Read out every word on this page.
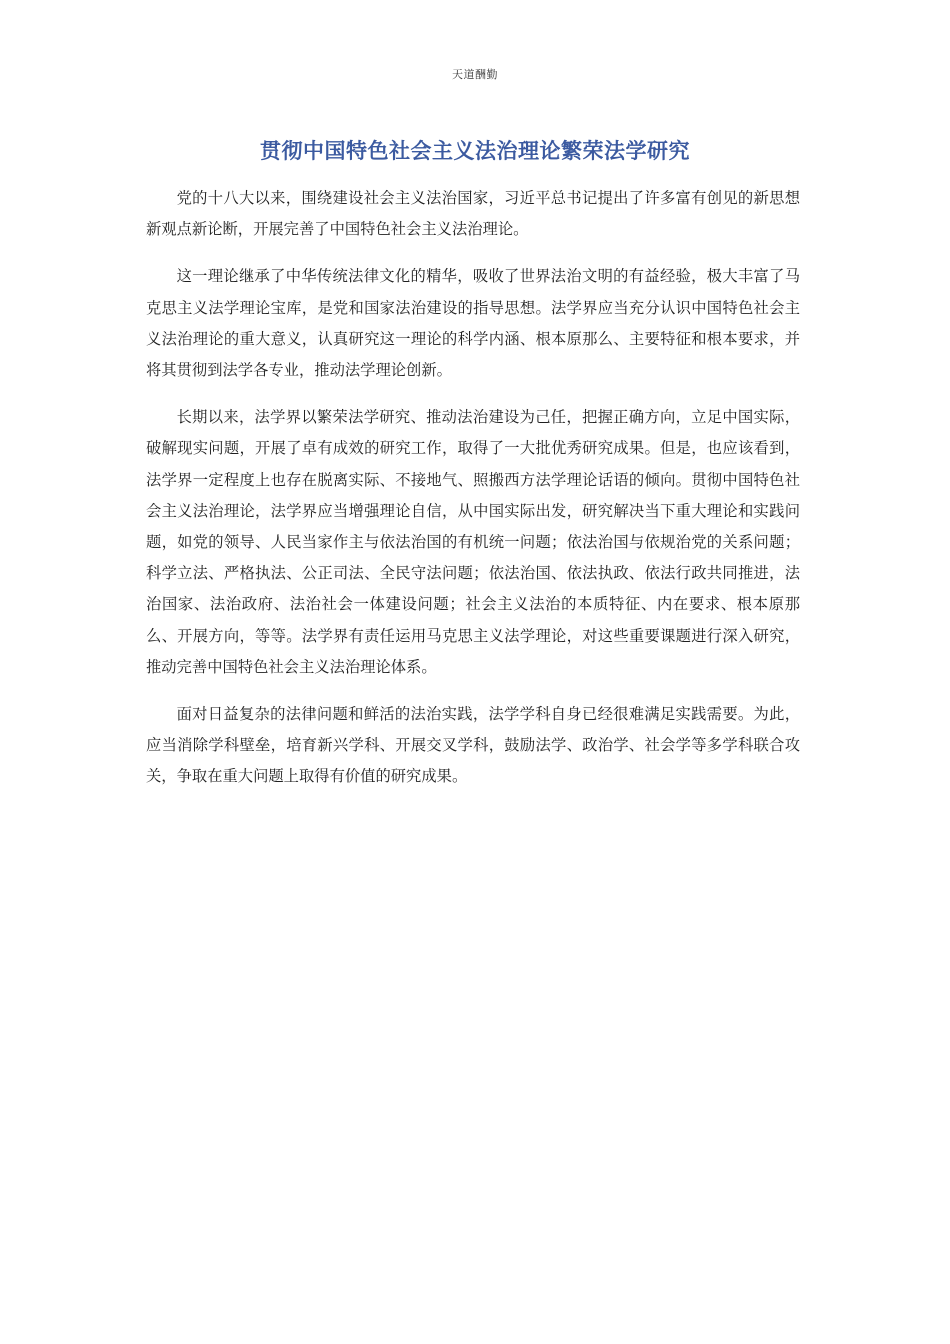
天道酬勤
贯彻中国特色社会主义法治理论繁荣法学研究

党的十八大以来，围绕建设社会主义法治国家，习近平总书记提出了许多富有创见的新思想新观点新论断，开展完善了中国特色社会主义法治理论。

这一理论继承了中华传统法律文化的精华，吸收了世界法治文明的有益经验，极大丰富了马克思主义法学理论宝库，是党和国家法治建设的指导思想。法学界应当充分认识中国特色社会主义法治理论的重大意义，认真研究这一理论的科学内涵、根本原那么、主要特征和根本要求，并将其贯彻到法学各专业，推动法学理论创新。

长期以来，法学界以繁荣法学研究、推动法治建设为己任，把握正确方向，立足中国实际，破解现实问题，开展了卓有成效的研究工作，取得了一大批优秀研究成果。但是，也应该看到，法学界一定程度上也存在脱离实际、不接地气、照搬西方法学理论话语的倾向。贯彻中国特色社会主义法治理论，法学界应当增强理论自信，从中国实际出发，研究解决当下重大理论和实践问题，如党的领导、人民当家作主与依法治国的有机统一问题；依法治国与依规治党的关系问题；科学立法、严格执法、公正司法、全民守法问题；依法治国、依法执政、依法行政共同推进，法治国家、法治政府、法治社会一体建设问题；社会主义法治的本质特征、内在要求、根本原那么、开展方向，等等。法学界有责任运用马克思主义法学理论，对这些重要课题进行深入研究，推动完善中国特色社会主义法治理论体系。

面对日益复杂的法律问题和鲜活的法治实践，法学学科自身已经很难满足实践需要。为此，应当消除学科壁垒，培育新兴学科、开展交叉学科，鼓励法学、政治学、社会学等多学科联合攻关，争取在重大问题上取得有价值的研究成果。
